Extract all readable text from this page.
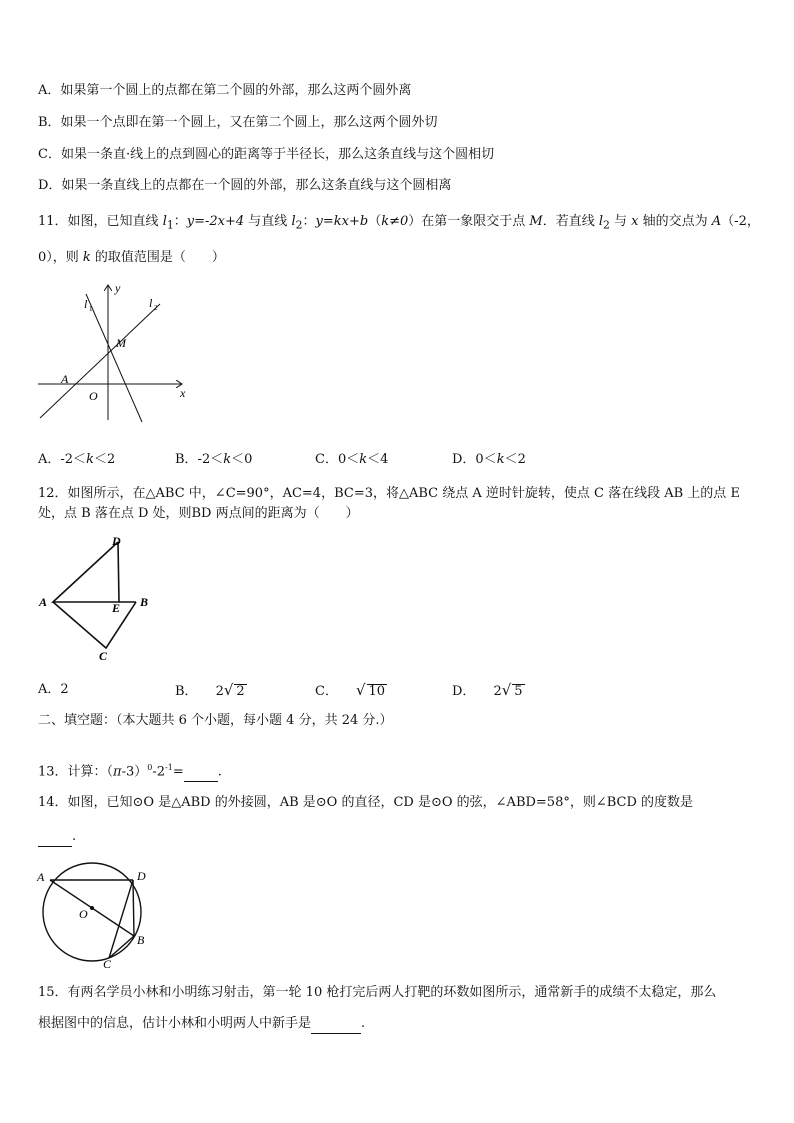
A．如果第一个圆上的点都在第二个圆的外部，那么这两个圆外离
B．如果一个点即在第一个圆上，又在第二个圆上，那么这两个圆外切
C．如果一条直·线上的点到圆心的距离等于半径长，那么这条直线与这个圆相切
D．如果一条直线上的点都在一个圆的外部，那么这条直线与这个圆相离
11．如图，已知直线 $l_1$：y=-2x+4 与直线 $l_2$：y=kx+b（k≠0）在第一象限交于点 M．若直线 $l_2$ 与 x 轴的交点为 A（-2，
0），则 k 的取值范围是（　　）
y
x
l 1	l 2
M
A
O
A．-2＜k＜2	B．-2＜k＜0	C．0＜k＜4	D．0＜k＜2
12．如图所示，在△ABC 中，∠C=90°，AC=4，BC=3，将△ABC 绕点 A 逆时针旋转，使点 C 落在线段 AB 上的点 E
处，点 B 落在点 D 处，则BD 两点间的距离为（　　）
D
A	E B
C
A．2	B． 2√ 2	C． √ 10	D． 2√ 5
二、填空题：（本大题共 6 个小题，每小题 4 分，共 24 分.）
13．计算：$(\pi-3)^0-2^{-1}=$	.
14．如图，已知⊙O 是△ABD 的外接圆，AB 是⊙O 的直径，CD 是⊙O 的弦，∠ABD=58°，则∠BCD 的度数是
.
A	D
O
B
C
15．有两名学员小林和小明练习射击，第一轮 10 枪打完后两人打靶的环数如图所示，通常新手的成绩不太稳定，那么
根据图中的信息，估计小林和小明两人中新手是	.
